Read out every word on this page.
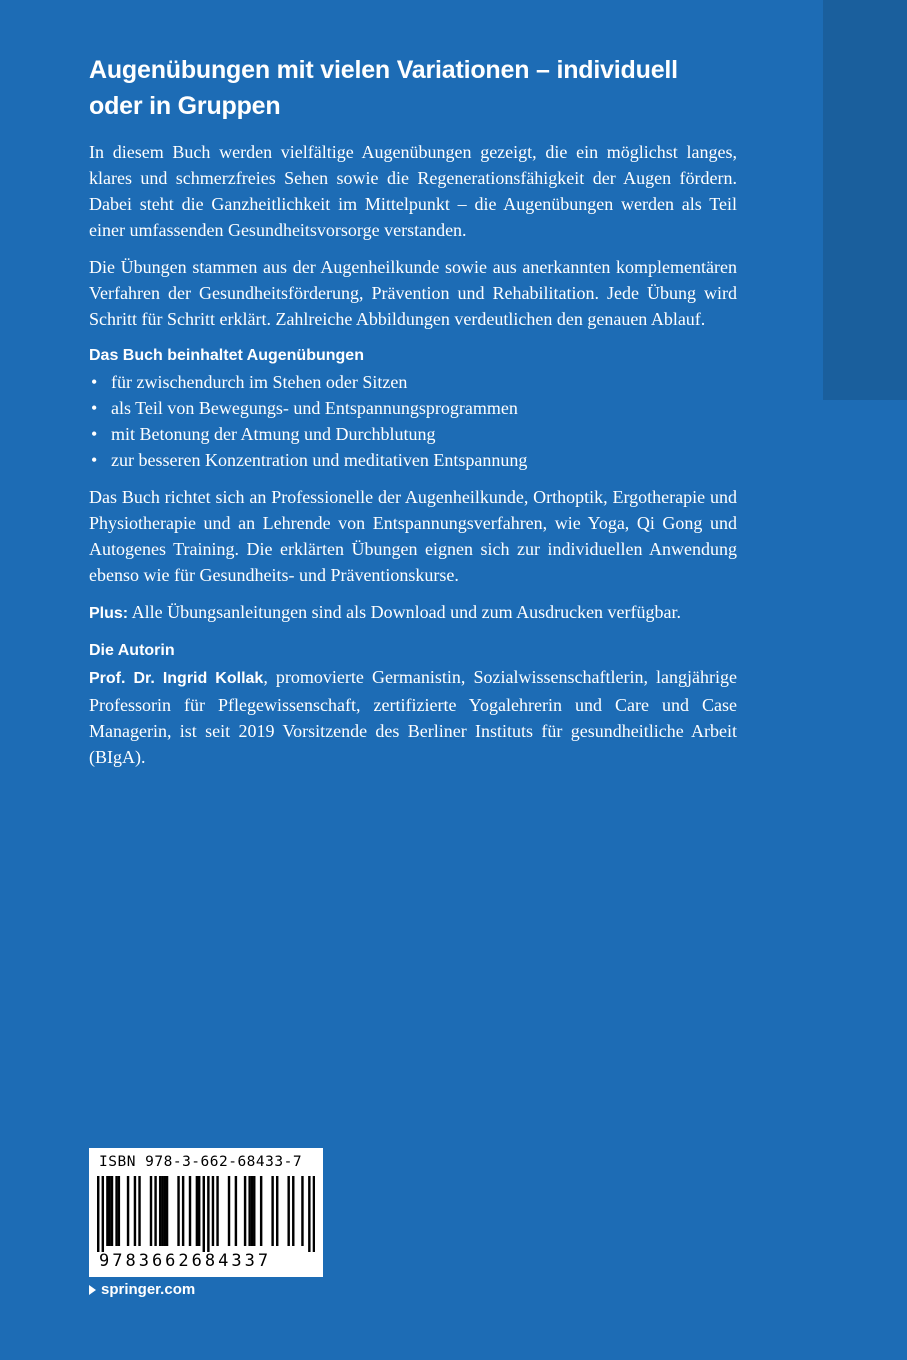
Augenübungen mit vielen Variationen – individuell oder in Gruppen

In diesem Buch werden vielfältige Augenübungen gezeigt, die ein möglichst langes, klares und schmerzfreies Sehen sowie die Regenerationsfähigkeit der Augen fördern. Dabei steht die Ganzheitlichkeit im Mittelpunkt – die Augenübungen werden als Teil einer umfassenden Gesundheitsvorsorge verstanden.

Die Übungen stammen aus der Augenheilkunde sowie aus anerkannten komplementären Verfahren der Gesundheitsförderung, Prävention und Rehabilitation. Jede Übung wird Schritt für Schritt erklärt. Zahlreiche Abbildungen verdeutlichen den genauen Ablauf.

Das Buch beinhaltet Augenübungen

• für zwischendurch im Stehen oder Sitzen
• als Teil von Bewegungs- und Entspannungsprogrammen
• mit Betonung der Atmung und Durchblutung
• zur besseren Konzentration und meditativen Entspannung

Das Buch richtet sich an Professionelle der Augenheilkunde, Orthoptik, Ergotherapie und Physiotherapie und an Lehrende von Entspannungsverfahren, wie Yoga, Qi Gong und Autogenes Training. Die erklärten Übungen eignen sich zur individuellen Anwendung ebenso wie für Gesundheits- und Präventionskurse.

Plus: Alle Übungsanleitungen sind als Download und zum Ausdrucken verfügbar.

Die Autorin

Prof. Dr. Ingrid Kollak, promovierte Germanistin, Sozialwissenschaftlerin, langjährige Professorin für Pflegewissenschaft, zertifizierte Yogalehrerin und Care und Case Managerin, ist seit 2019 Vorsitzende des Berliner Instituts für gesundheitliche Arbeit (BIgA).

ISBN 978-3-662-68433-7
9783662684337
springer.com
